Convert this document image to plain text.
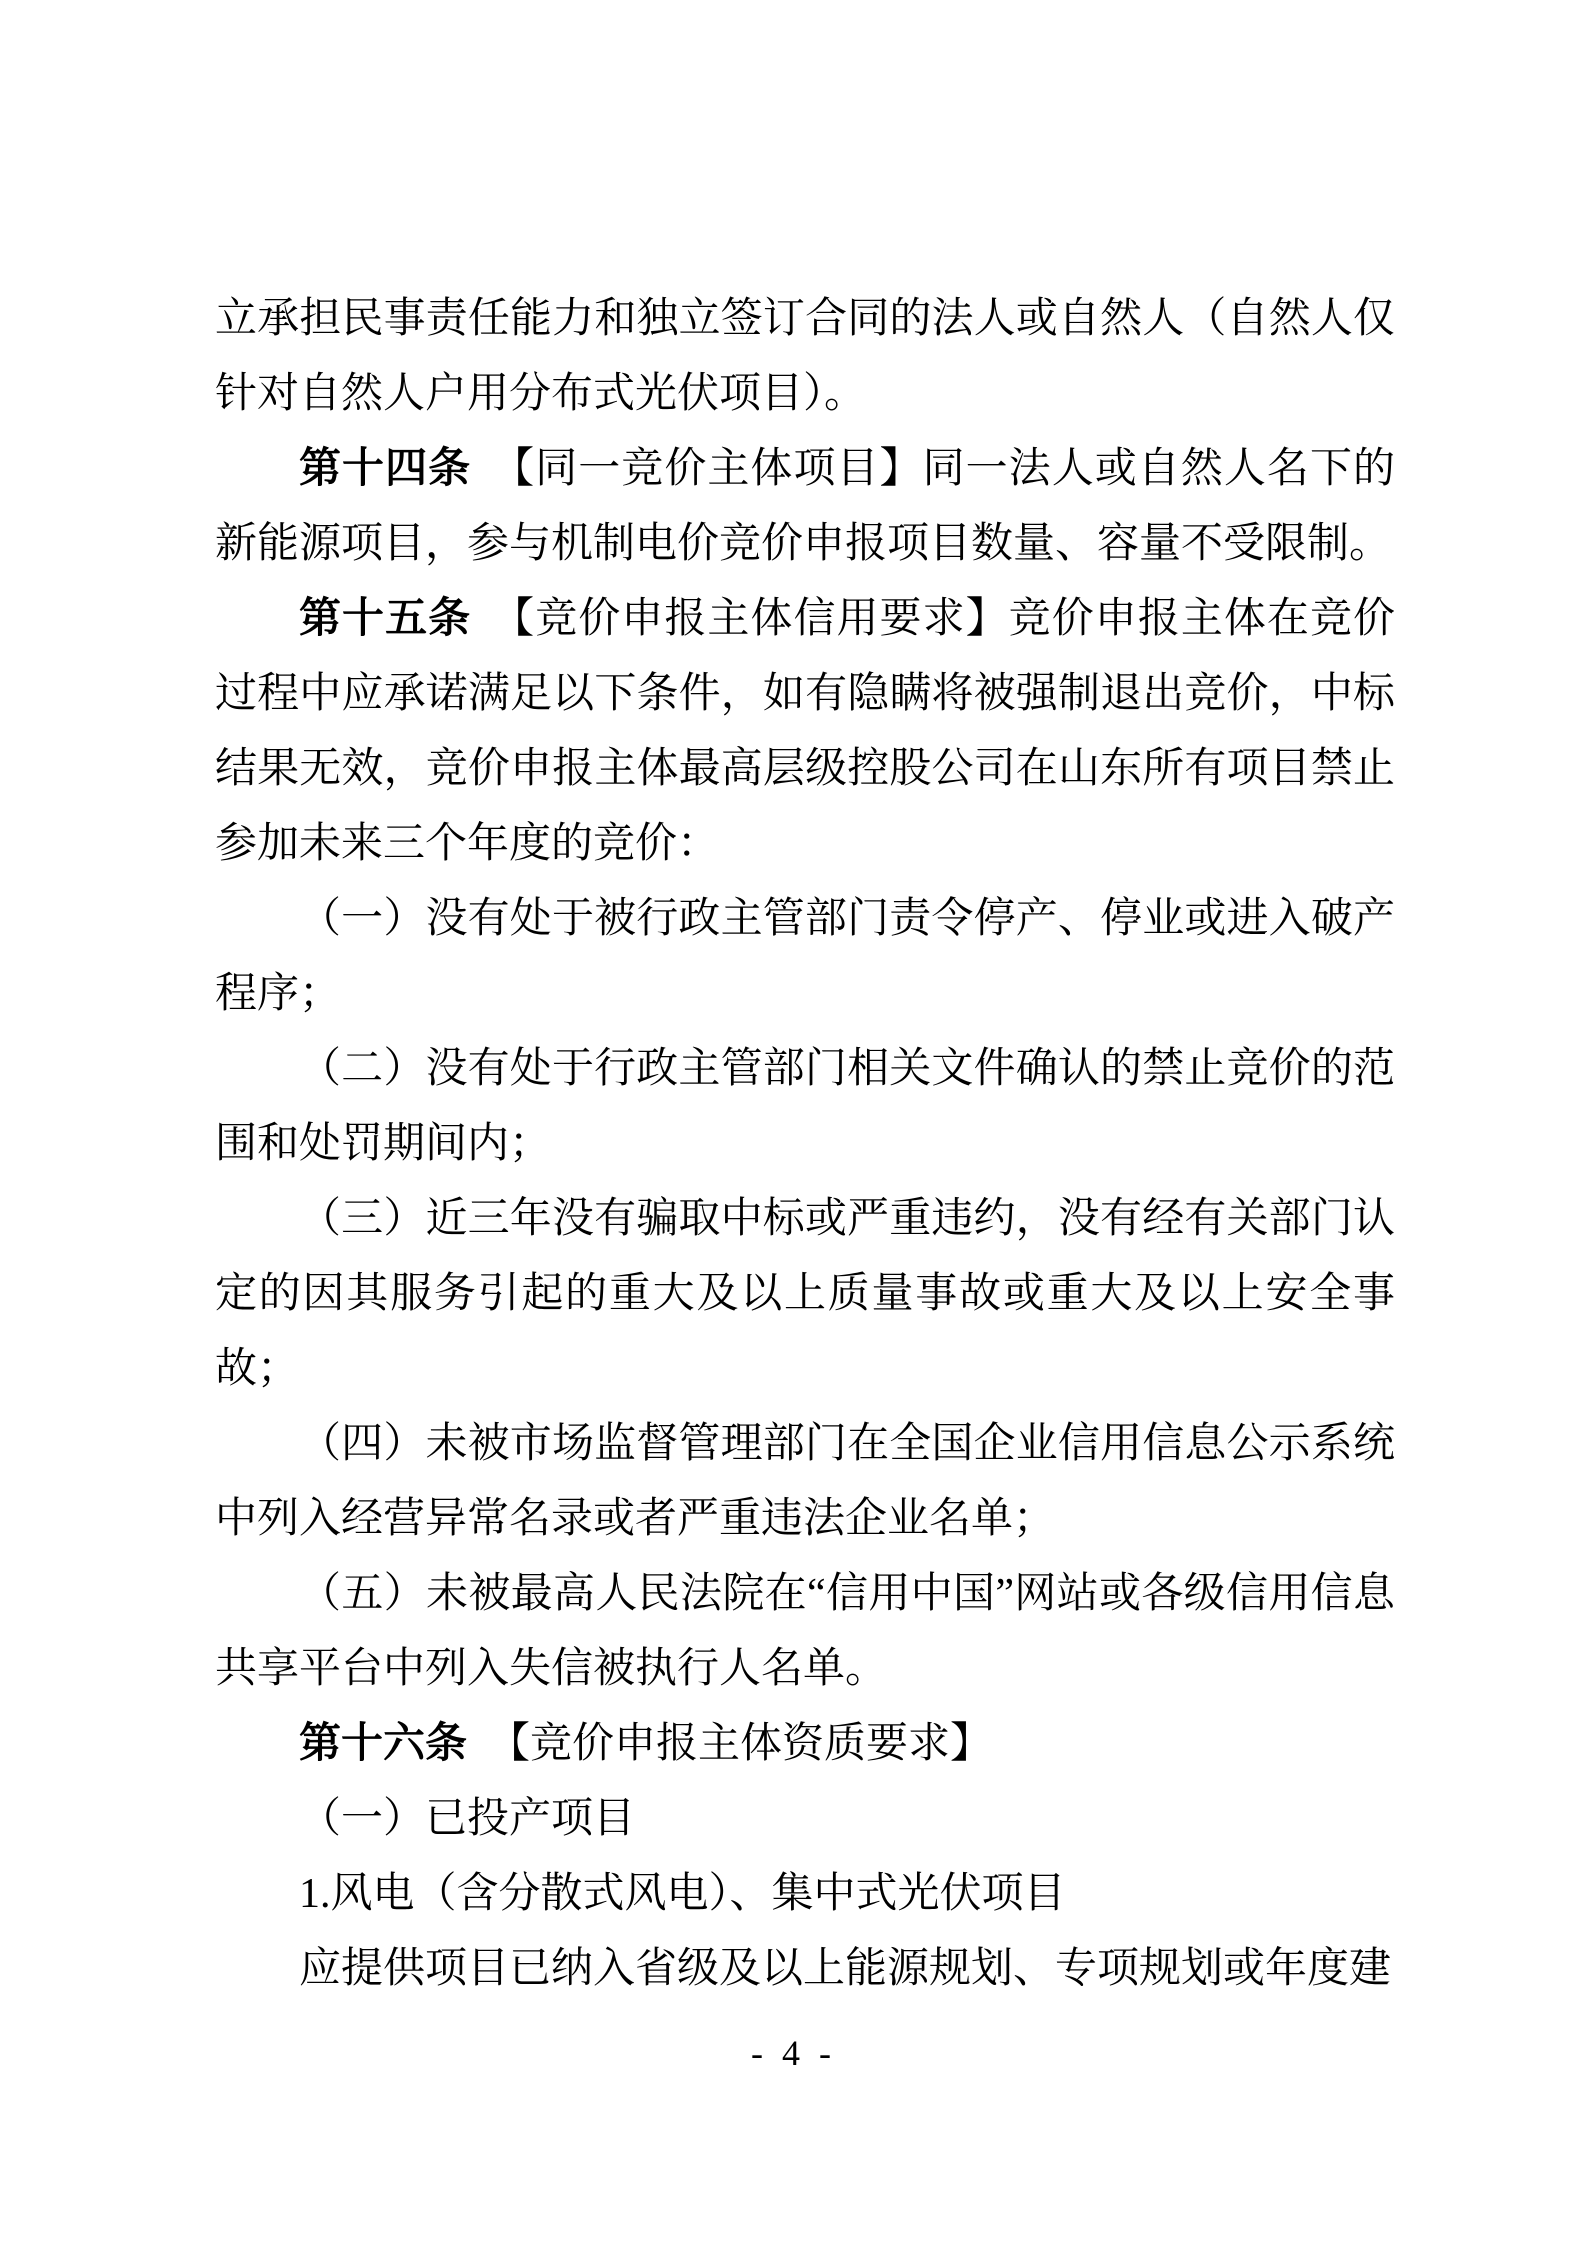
立承担民事责任能力和独立签订合同的法人或自然人（自然人仅针对自然人户用分布式光伏项目）。

第十四条 【同一竞价主体项目】同一法人或自然人名下的新能源项目，参与机制电价竞价申报项目数量、容量不受限制。

第十五条 【竞价申报主体信用要求】竞价申报主体在竞价过程中应承诺满足以下条件，如有隐瞒将被强制退出竞价，中标结果无效，竞价申报主体最高层级控股公司在山东所有项目禁止参加未来三个年度的竞价：

（一）没有处于被行政主管部门责令停产、停业或进入破产程序；

（二）没有处于行政主管部门相关文件确认的禁止竞价的范围和处罚期间内；

（三）近三年没有骗取中标或严重违约，没有经有关部门认定的因其服务引起的重大及以上质量事故或重大及以上安全事故；

（四）未被市场监督管理部门在全国企业信用信息公示系统中列入经营异常名录或者严重违法企业名单；

（五）未被最高人民法院在“信用中国”网站或各级信用信息共享平台中列入失信被执行人名单。

第十六条 【竞价申报主体资质要求】

（一）已投产项目

1.风电（含分散式风电）、集中式光伏项目

应提供项目已纳入省级及以上能源规划、专项规划或年度建

- 4 -
